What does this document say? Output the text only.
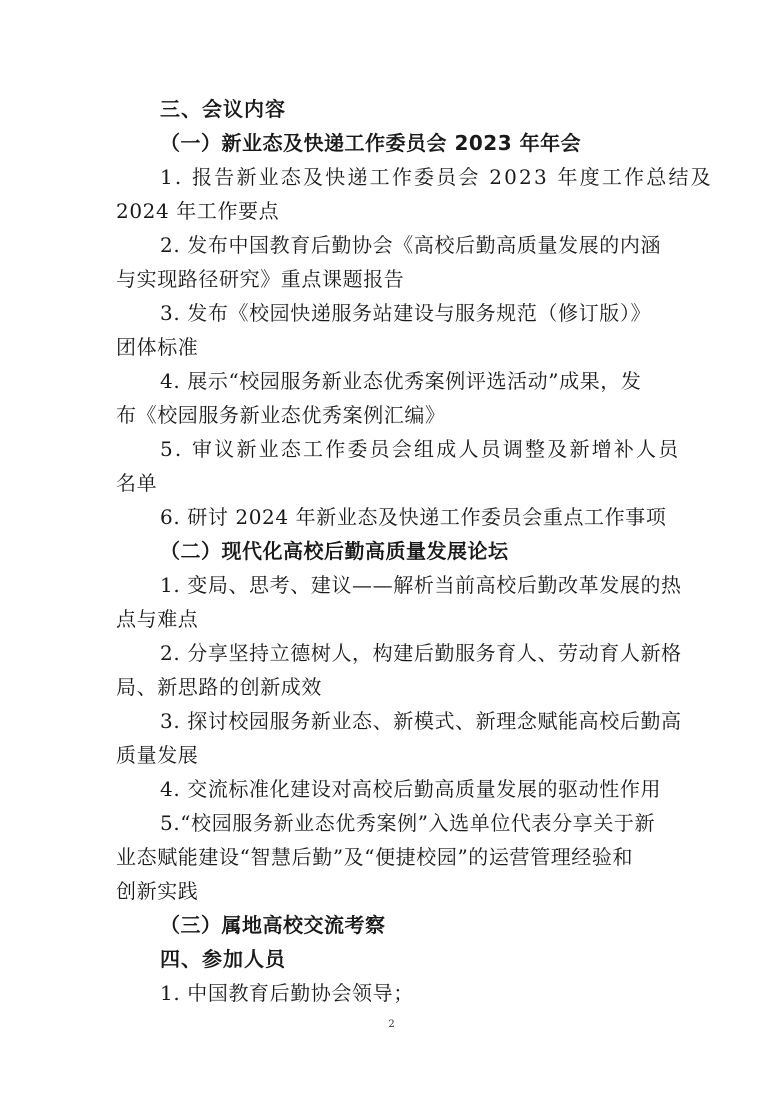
三、会议内容
（一）新业态及快递工作委员会 2023 年年会
1. 报告新业态及快递工作委员会 2023 年度工作总结及
2024 年工作要点
2. 发布中国教育后勤协会《高校后勤高质量发展的内涵
与实现路径研究》重点课题报告
3. 发布《校园快递服务站建设与服务规范（修订版）》
团体标准
4. 展示“校园服务新业态优秀案例评选活动”成果，发
布《校园服务新业态优秀案例汇编》
5. 审议新业态工作委员会组成人员调整及新增补人员
名单
6. 研讨 2024 年新业态及快递工作委员会重点工作事项
（二）现代化高校后勤高质量发展论坛
1. 变局、思考、建议——解析当前高校后勤改革发展的热
点与难点
2. 分享坚持立德树人，构建后勤服务育人、劳动育人新格
局、新思路的创新成效
3. 探讨校园服务新业态、新模式、新理念赋能高校后勤高
质量发展
4. 交流标准化建设对高校后勤高质量发展的驱动性作用
5.“校园服务新业态优秀案例”入选单位代表分享关于新
业态赋能建设“智慧后勤”及“便捷校园”的运营管理经验和
创新实践
（三）属地高校交流考察
四、参加人员
1. 中国教育后勤协会领导；
2
